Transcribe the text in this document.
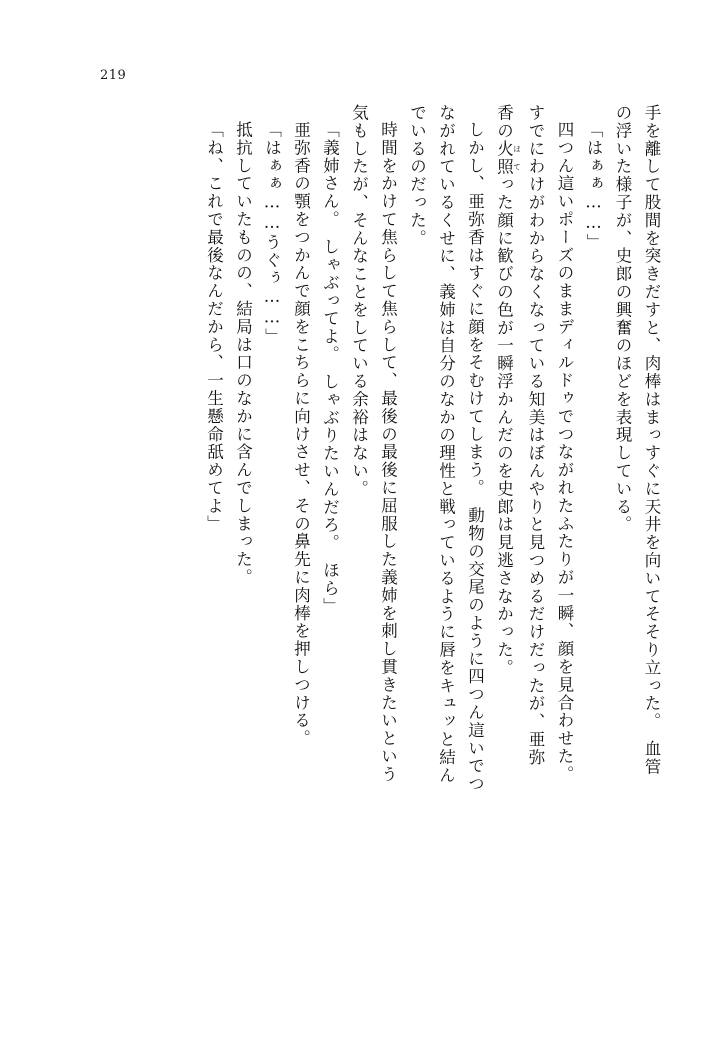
219
手を離して股間を突きだすと、肉棒はまっすぐに天井を向いてそそり立った。　血管
の浮いた様子が、史郎の興奮のほどを表現している。
「はぁぁ……」
四つん這いポーズのままディルドゥでつながれたふたりが一瞬、顔を見合わせた。
すでにわけがわからなくなっている知美はぼんやりと見つめるだけだったが、亜弥
香の火照 ほてった顔に歓びの色が一瞬浮かんだのを史郎は見逃さなかった。
しかし、亜弥香はすぐに顔をそむけてしまう。　動物の交尾のように四つん這いでつ
ながれているくせに、義姉は自分のなかの理性と戦っているように唇をキュッと結ん
でいるのだった。
時間をかけて焦らして焦らして、最後の最後に屈服した義姉を刺し貫きたいという
気もしたが、そんなことをしている余裕はない。
「義姉さん。　しゃぶってよ。　しゃぶりたいんだろ。　ほら」
亜弥香の顎をつかんで顔をこちらに向けさせ、その鼻先に肉棒を押しつける。
「はぁぁ……うぐぅ……」
抵抗していたものの、結局は口のなかに含んでしまった。
「ね、これで最後なんだから、一生懸命舐めてよ」
